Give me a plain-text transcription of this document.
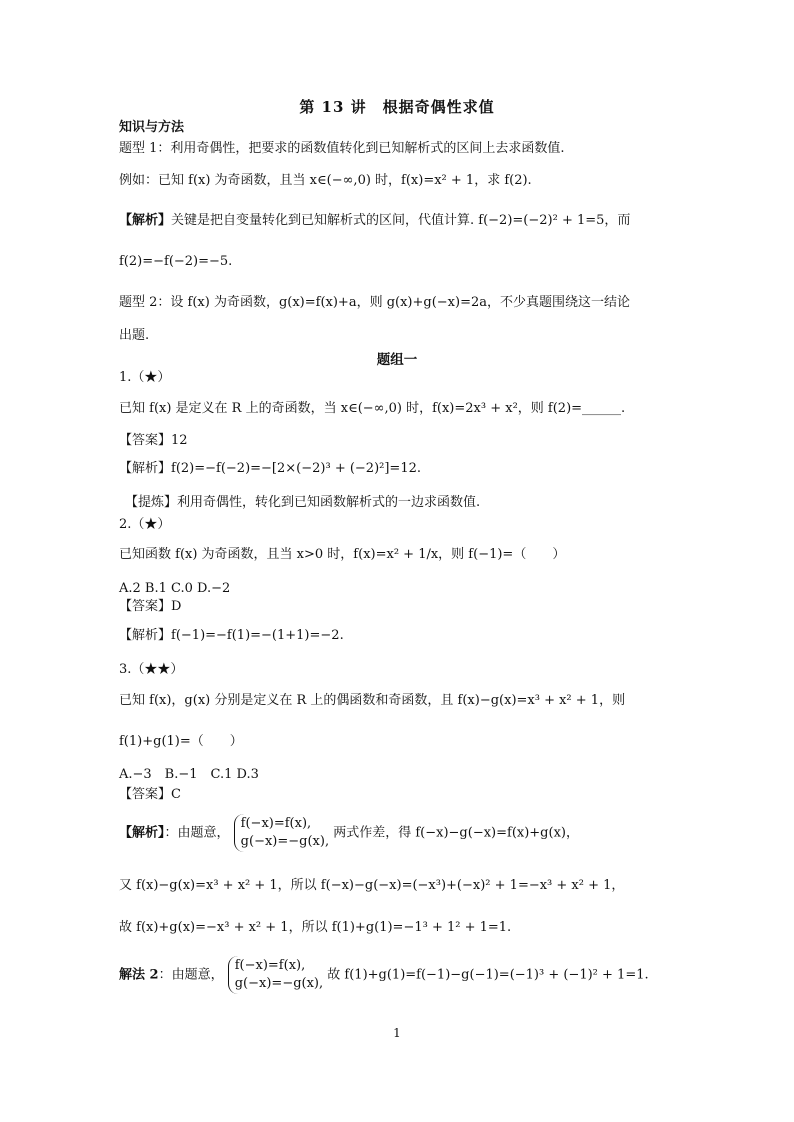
第 13 讲　根据奇偶性求值
知识与方法
题型 1：利用奇偶性，把要求的函数值转化到已知解析式的区间上去求函数值.
例如：已知 f(x) 为奇函数，且当 x∈(−∞,0) 时，f(x)=x² + 1，求 f(2).
【解析】关键是把自变量转化到已知解析式的区间，代值计算. f(−2)=(−2)² + 1=5，而
f(2)=−f(−2)=−5.
题型 2：设 f(x) 为奇函数，g(x)=f(x)+a，则 g(x)+g(−x)=2a，不少真题围绕这一结论
出题.
题组一
1.（★）
已知 f(x) 是定义在 R 上的奇函数，当 x∈(−∞,0) 时，f(x)=2x³ + x²，则 f(2)=______.
【答案】12
【解析】f(2)=−f(−2)=−[2×(−2)³ + (−2)²]=12.
【提炼】利用奇偶性，转化到已知函数解析式的一边求函数值.
2.（★）
已知函数 f(x) 为奇函数，且当 x>0 时，f(x)=x² + 1/x，则 f(−1)=（　　）
A.2 B.1 C.0 D.−2
【答案】D
【解析】f(−1)=−f(1)=−(1+1)=−2.
3.（★★）
已知 f(x)，g(x) 分别是定义在 R 上的偶函数和奇函数，且 f(x)−g(x)=x³ + x² + 1，则
f(1)+g(1)=（　　）
A.−3　B.−1　C.1 D.3
【答案】C
【解析】：由题意，
f(−x)=f(x),
g(−x)=−g(x),
两式作差，得 f(−x)−g(−x)=f(x)+g(x)，
又 f(x)−g(x)=x³ + x² + 1，所以 f(−x)−g(−x)=(−x³)+(−x)² + 1=−x³ + x² + 1，
故 f(x)+g(x)=−x³ + x² + 1，所以 f(1)+g(1)=−1³ + 1² + 1=1.
解法 2：由题意，
f(−x)=f(x),
g(−x)=−g(x),
故 f(1)+g(1)=f(−1)−g(−1)=(−1)³ + (−1)² + 1=1.
1
